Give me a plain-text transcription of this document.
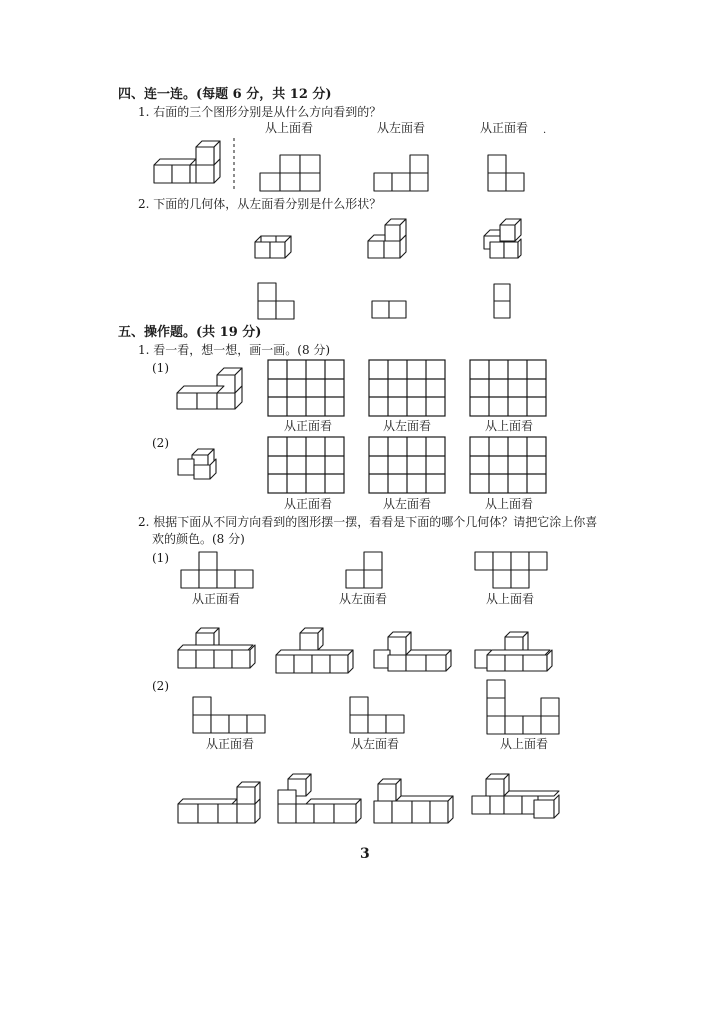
四、连一连。(每题 6 分，共 12 分)
1. 右面的三个图形分别是从什么方向看到的？
从上面看	从左面看	从正面看 .
2. 下面的几何体，从左面看分别是什么形状？
五、操作题。(共 19 分)
1. 看一看，想一想，画一画。(8 分)
(1)
(2)
从正面看	从左面看	从上面看
从正面看	从左面看	从上面看
2. 根据下面从不同方向看到的图形摆一摆，看看是下面的哪个几何体？请把它涂上你喜
欢的颜色。(8 分)
(1)
(2)
从正面看	从左面看	从上面看
从正面看	从左面看	从上面看
3
